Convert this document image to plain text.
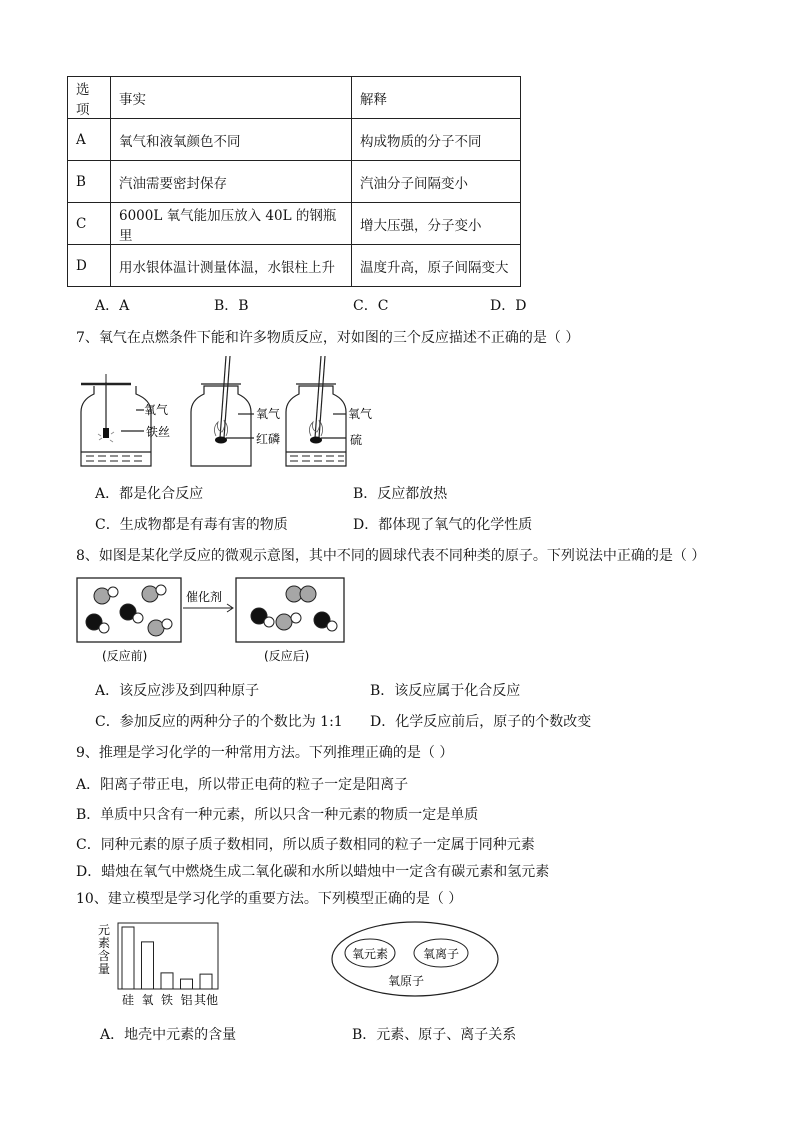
选项	事实	解释
A	氧气和液氧颜色不同	构成物质的分子不同
B	汽油需要密封保存	汽油分子间隔变小
C	6000L 氧气能加压放入 40L 的钢瓶里	增大压强，分子变小
D	用水银体温计测量体温，水银柱上升	温度升高，原子间隔变大
A．A	B．B	C．C	D．D
7、氧气在点燃条件下能和许多物质反应，对如图的三个反应描述不正确的是（ ）
氧气
铁丝
氧气
红磷
氧气
硫
A．都是化合反应	B．反应都放热
C．生成物都是有毒有害的物质	D．都体现了氧气的化学性质
8、如图是某化学反应的微观示意图，其中不同的圆球代表不同种类的原子。下列说法中正确的是（ ）
催化剂
(反应前)	(反应后)
A．该反应涉及到四种原子	B．该反应属于化合反应
C．参加反应的两种分子的个数比为 1:1 D．化学反应前后，原子的个数改变
9、推理是学习化学的一种常用方法。下列推理正确的是（ ）
A．阳离子带正电，所以带正电荷的粒子一定是阳离子
B．单质中只含有一种元素，所以只含一种元素的物质一定是单质
C．同种元素的原子质子数相同，所以质子数相同的粒子一定属于同种元素
D．蜡烛在氧气中燃烧生成二氧化碳和水所以蜡烛中一定含有碳元素和氢元素
10、建立模型是学习化学的重要方法。下列模型正确的是（ ）
元
素
含
量
硅 氧 铁 铝 其他
氧元素	氧离子
氧原子
A．地壳中元素的含量	B．元素、原子、离子关系
